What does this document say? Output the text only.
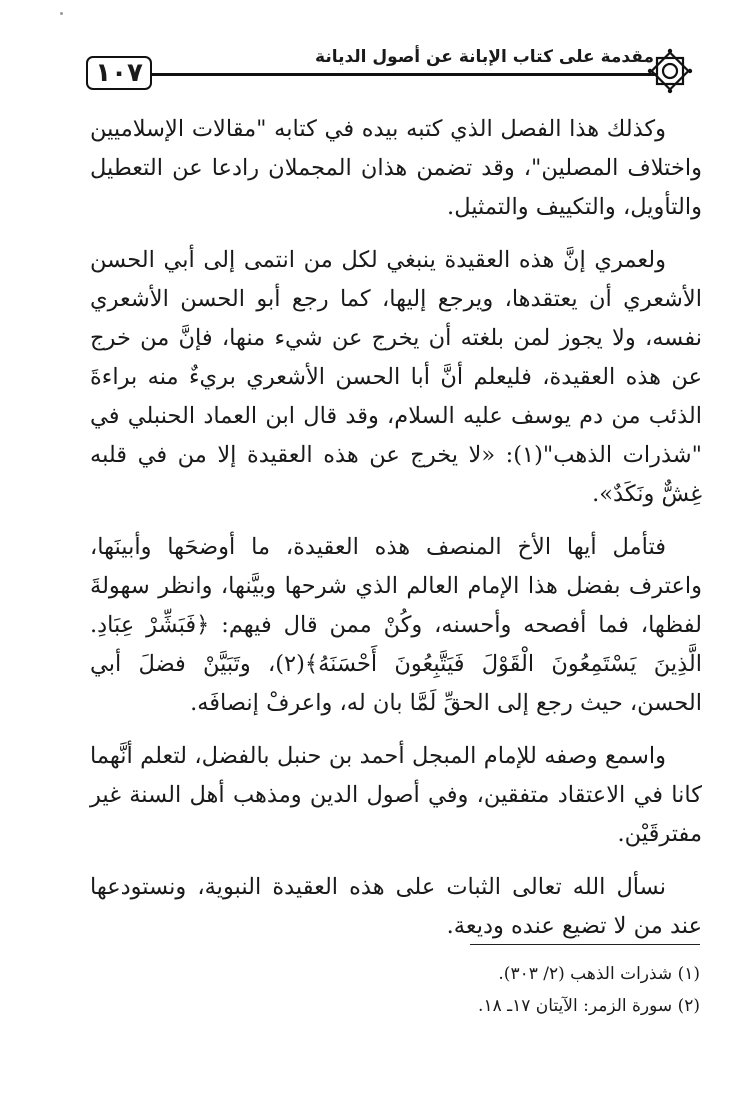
١٠٧
مقدمة على كتاب الإبانة عن أصول الديانة

وكذلك هذا الفصل الذي كتبه بيده في كتابه "مقالات الإسلاميين واختلاف المصلين"، وقد تضمن هذان المجملان رادعا عن التعطيل والتأويل، والتكييف والتمثيل.

ولعمري إنَّ هذه العقيدة ينبغي لكل من انتمى إلى أبي الحسن الأشعري أن يعتقدها، ويرجع إليها، كما رجع أبو الحسن الأشعري نفسه، ولا يجوز لمن بلغته أن يخرج عن شيء منها، فإنَّ من خرج عن هذه العقيدة، فليعلم أنَّ أبا الحسن الأشعري بريءٌ منه براءةَ الذئب من دم يوسف عليه السلام، وقد قال ابن العماد الحنبلي في "شذرات الذهب"(١): «لا يخرج عن هذه العقيدة إلا من في قلبه غِشٌّ ونَكَدٌ».

فتأمل أيها الأخ المنصف هذه العقيدة، ما أوضحَها وأبينَها، واعترف بفضل هذا الإمام العالم الذي شرحها وبيَّنها، وانظر سهولةَ لفظها، فما أفصحه وأحسنه، وكُنْ ممن قال فيهم: ﴿فَبَشِّرْ عِبَادِ. الَّذِينَ يَسْتَمِعُونَ الْقَوْلَ فَيَتَّبِعُونَ أَحْسَنَهُ﴾(٢)، وتَبَيَّنْ فضلَ أبي الحسن، حيث رجع إلى الحقِّ لَمَّا بان له، واعرفْ إنصافَه.

واسمع وصفه للإمام المبجل أحمد بن حنبل بالفضل، لتعلم أنَّهما كانا في الاعتقاد متفقين، وفي أصول الدين ومذهب أهل السنة غير مفترقَيْن.

نسأل الله تعالى الثبات على هذه العقيدة النبوية، ونستودعها عند من لا تضيع عنده وديعة.

(١) شذرات الذهب (٢/ ٣٠٣).

(٢) سورة الزمر: الآيتان ١٧ـ ١٨.
